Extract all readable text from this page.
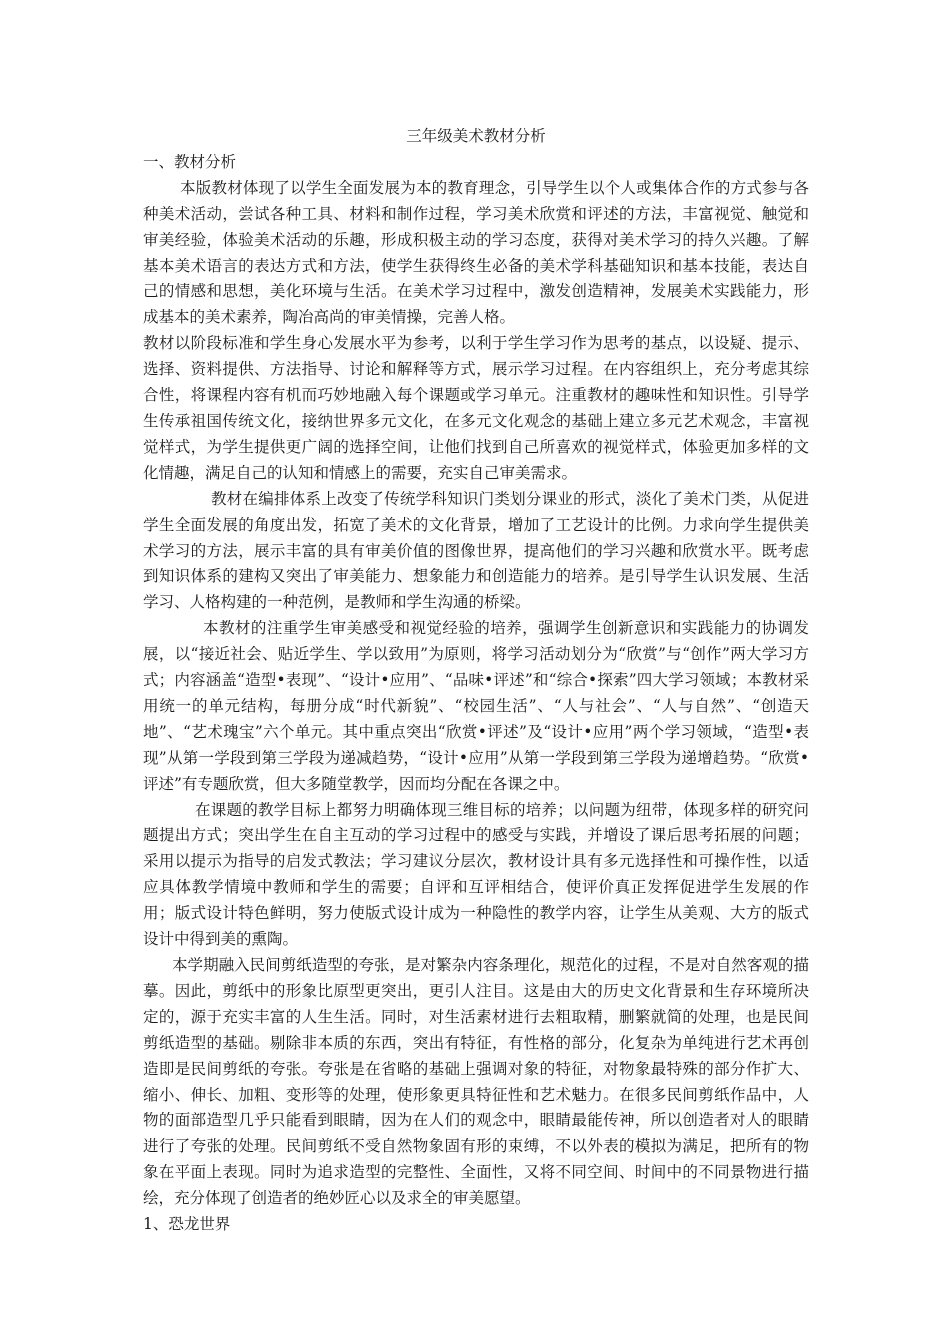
三年级美术教材分析

一、教材分析

本版教材体现了以学生全面发展为本的教育理念，引导学生以个人或集体合作的方式参与各种美术活动，尝试各种工具、材料和制作过程，学习美术欣赏和评述的方法，丰富视觉、触觉和审美经验，体验美术活动的乐趣，形成积极主动的学习态度，获得对美术学习的持久兴趣。了解基本美术语言的表达方式和方法，使学生获得终生必备的美术学科基础知识和基本技能，表达自己的情感和思想，美化环境与生活。在美术学习过程中，激发创造精神，发展美术实践能力，形成基本的美术素养，陶冶高尚的审美情操，完善人格。

教材以阶段标准和学生身心发展水平为参考，以利于学生学习作为思考的基点，以设疑、提示、选择、资料提供、方法指导、讨论和解释等方式，展示学习过程。在内容组织上，充分考虑其综合性，将课程内容有机而巧妙地融入每个课题或学习单元。注重教材的趣味性和知识性。引导学生传承祖国传统文化，接纳世界多元文化，在多元文化观念的基础上建立多元艺术观念，丰富视觉样式，为学生提供更广阔的选择空间，让他们找到自己所喜欢的视觉样式，体验更加多样的文化情趣，满足自己的认知和情感上的需要，充实自己审美需求。

教材在编排体系上改变了传统学科知识门类划分课业的形式，淡化了美术门类，从促进学生全面发展的角度出发，拓宽了美术的文化背景，增加了工艺设计的比例。力求向学生提供美术学习的方法，展示丰富的具有审美价值的图像世界，提高他们的学习兴趣和欣赏水平。既考虑到知识体系的建构又突出了审美能力、想象能力和创造能力的培养。是引导学生认识发展、生活学习、人格构建的一种范例，是教师和学生沟通的桥梁。

本教材的注重学生审美感受和视觉经验的培养，强调学生创新意识和实践能力的协调发展，以“接近社会、贴近学生、学以致用”为原则，将学习活动划分为“欣赏”与“创作”两大学习方式；内容涵盖“造型•表现”、“设计•应用”、“品味•评述”和“综合•探索”四大学习领域；本教材采用统一的单元结构，每册分成“时代新貌”、“校园生活”、“人与社会”、“人与自然”、“创造天地”、“艺术瑰宝”六个单元。其中重点突出“欣赏•评述”及“设计•应用”两个学习领域，“造型•表现”从第一学段到第三学段为递减趋势，“设计•应用”从第一学段到第三学段为递增趋势。“欣赏•评述”有专题欣赏，但大多随堂教学，因而均分配在各课之中。

在课题的教学目标上都努力明确体现三维目标的培养；以问题为纽带，体现多样的研究问题提出方式；突出学生在自主互动的学习过程中的感受与实践，并增设了课后思考拓展的问题；采用以提示为指导的启发式教法；学习建议分层次，教材设计具有多元选择性和可操作性，以适应具体教学情境中教师和学生的需要；自评和互评相结合，使评价真正发挥促进学生发展的作用；版式设计特色鲜明，努力使版式设计成为一种隐性的教学内容，让学生从美观、大方的版式设计中得到美的熏陶。

本学期融入民间剪纸造型的夸张，是对繁杂内容条理化，规范化的过程，不是对自然客观的描摹。因此，剪纸中的形象比原型更突出，更引人注目。这是由大的历史文化背景和生存环境所决定的，源于充实丰富的人生生活。同时，对生活素材进行去粗取精，删繁就简的处理，也是民间剪纸造型的基础。剔除非本质的东西，突出有特征，有性格的部分，化复杂为单纯进行艺术再创造即是民间剪纸的夸张。夸张是在省略的基础上强调对象的特征，对物象最特殊的部分作扩大、缩小、伸长、加粗、变形等的处理，使形象更具特征性和艺术魅力。在很多民间剪纸作品中，人物的面部造型几乎只能看到眼睛，因为在人们的观念中，眼睛最能传神，所以创造者对人的眼睛进行了夸张的处理。民间剪纸不受自然物象固有形的束缚，不以外表的模拟为满足，把所有的物象在平面上表现。同时为追求造型的完整性、全面性，又将不同空间、时间中的不同景物进行描绘，充分体现了创造者的绝妙匠心以及求全的审美愿望。

1、恐龙世界
